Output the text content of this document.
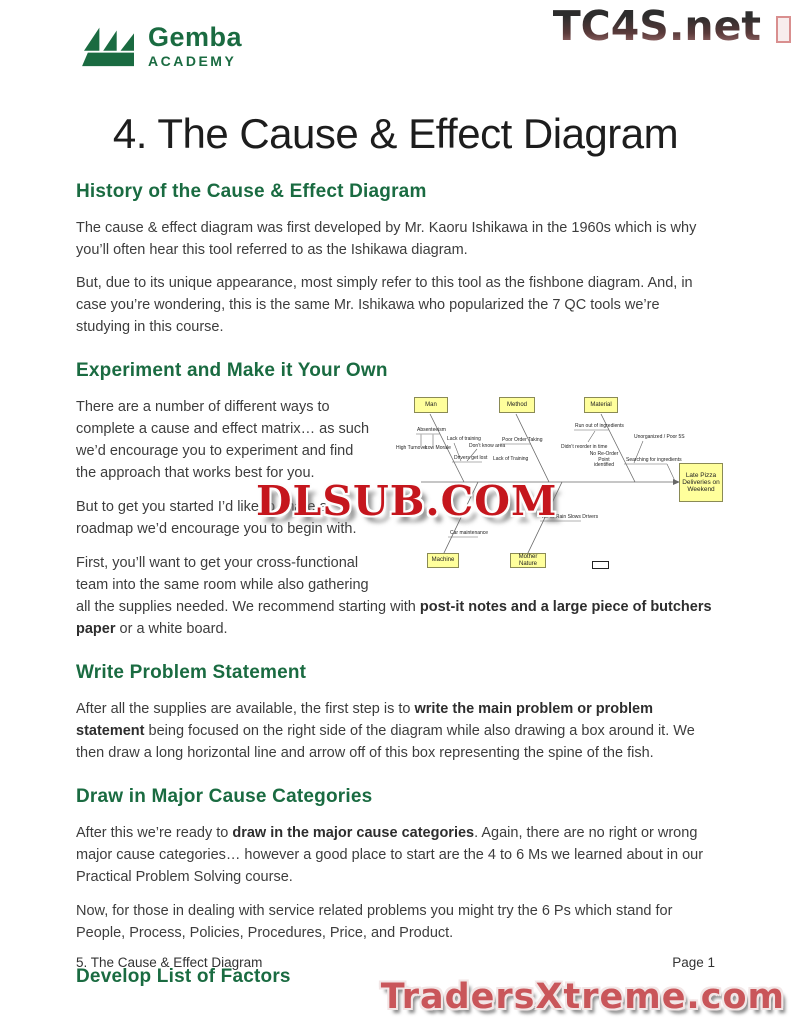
TC4S.net
Gemba
ACADEMY
4. The Cause & Effect Diagram
History of the Cause & Effect Diagram

The cause & effect diagram was first developed by Mr. Kaoru Ishikawa in the 1960s which is why you’ll often hear this tool referred to as the Ishikawa diagram.

But, due to its unique appearance, most simply refer to this tool as the fishbone diagram. And, in case you’re wondering, this is the same Mr. Ishikawa who popularized the 7 QC tools we’re studying in this course.

Experiment and Make it Your Own
Man	Method	Material
Machine
Mother Nature
Late Pizza Deliveries on Weekend
Absenteeism
High Turnover
Low Morale
Lack of training
Don’t know area
Drivers get lost
Poor Order Taking
Lack of Training
Run out of ingredients
Didn’t reorder in time
No Re-Order Point identified
Unorganized / Poor 5S
Searching for ingredients
Ice or Rain Slows Drivers
Car maintenance

There are a number of different ways to complete a cause and effect matrix… as such we’d encourage you to experiment and find the approach that works best for you.

But to get you started I’d like to share a roadmap we’d encourage you to begin with.

First, you’ll want to get your cross-functional team into the same room while also gathering all the supplies needed. We recommend starting with post-it notes and a large piece of butchers paper or a white board.

Write Problem Statement

After all the supplies are available, the first step is to write the main problem or problem statement being focused on the right side of the diagram while also drawing a box around it. We then draw a long horizontal line and arrow off of this box representing the spine of the fish.

Draw in Major Cause Categories

After this we’re ready to draw in the major cause categories. Again, there are no right or wrong major cause categories… however a good place to start are the 4 to 6 Ms we learned about in our Practical Problem Solving course.

Now, for those in dealing with service related problems you might try the 6 Ps which stand for People, Process, Policies, Procedures, Price, and Product.

Develop List of Factors
5. The Cause & Effect Diagram	Page 1
DLSUB.COM
TradersXtreme.com
